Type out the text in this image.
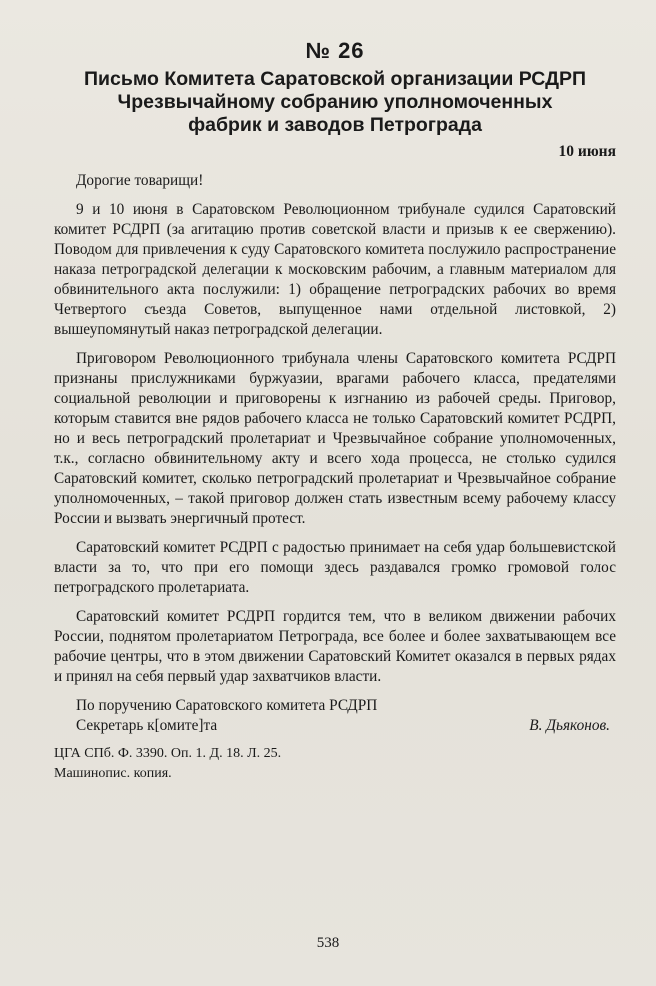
№ 26
Письмо Комитета Саратовской организации РСДРП
Чрезвычайному собранию уполномоченных
фабрик и заводов Петрограда
10 июня
Дорогие товарищи!

9 и 10 июня в Саратовском Революционном трибунале судился Саратовский комитет РСДРП (за агитацию против советской власти и призыв к ее свержению). Поводом для привлечения к суду Саратовского комитета послужило распространение наказа петроградской делегации к московским рабочим, а главным материалом для обвинительного акта послужили: 1) обращение петроградских рабочих во время Четвертого съезда Советов, выпущенное нами отдельной листовкой, 2) вышеупомянутый наказ петроградской делегации.

Приговором Революционного трибунала члены Саратовского комитета РСДРП признаны прислужниками буржуазии, врагами рабочего класса, предателями социальной революции и приговорены к изгнанию из рабочей среды. Приговор, которым ставится вне рядов рабочего класса не только Саратовский комитет РСДРП, но и весь петроградский пролетариат и Чрезвычайное собрание уполномоченных, т.к., согласно обвинительному акту и всего хода процесса, не столько судился Саратовский комитет, сколько петроградский пролетариат и Чрезвычайное собрание уполномоченных, – такой приговор должен стать известным всему рабочему классу России и вызвать энергичный протест.

Саратовский комитет РСДРП с радостью принимает на себя удар большевистской власти за то, что при его помощи здесь раздавался громко громовой голос петроградского пролетариата.

Саратовский комитет РСДРП гордится тем, что в великом движении рабочих России, поднятом пролетариатом Петрограда, все более и более захватывающем все рабочие центры, что в этом движении Саратовский Комитет оказался в первых рядах и принял на себя первый удар захватчиков власти.

По поручению Саратовского комитета РСДРП
Секретарь к[омите]та	В. Дьяконов.
ЦГА СПб. Ф. 3390. Оп. 1. Д. 18. Л. 25.
Машинопис. копия.
538
